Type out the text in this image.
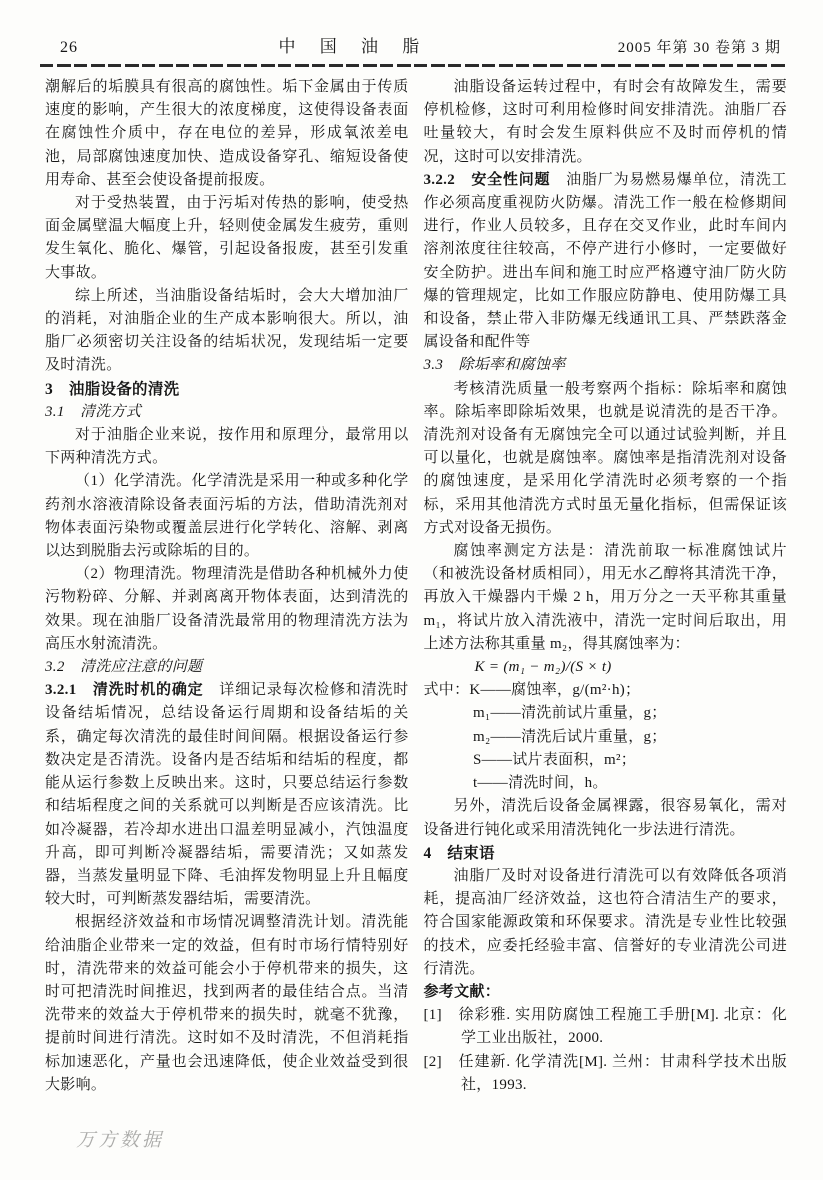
26	中 国 油 脂	2005 年第 30 卷第 3 期

潮解后的垢膜具有很高的腐蚀性。垢下金属由于传质速度的影响，产生很大的浓度梯度，这使得设备表面在腐蚀性介质中，存在电位的差异，形成氧浓差电池，局部腐蚀速度加快、造成设备穿孔、缩短设备使用寿命、甚至会使设备提前报废。

对于受热装置，由于污垢对传热的影响，使受热面金属壁温大幅度上升，轻则使金属发生疲劳，重则发生氧化、脆化、爆管，引起设备报废，甚至引发重大事故。

综上所述，当油脂设备结垢时，会大大增加油厂的消耗，对油脂企业的生产成本影响很大。所以，油脂厂必须密切关注设备的结垢状况，发现结垢一定要及时清洗。

3　油脂设备的清洗

3.1　清洗方式

对于油脂企业来说，按作用和原理分，最常用以下两种清洗方式。

（1）化学清洗。化学清洗是采用一种或多种化学药剂水溶液清除设备表面污垢的方法，借助清洗剂对物体表面污染物或覆盖层进行化学转化、溶解、剥离以达到脱脂去污或除垢的目的。

（2）物理清洗。物理清洗是借助各种机械外力使污物粉碎、分解、并剥离离开物体表面，达到清洗的效果。现在油脂厂设备清洗最常用的物理清洗方法为高压水射流清洗。

3.2　清洗应注意的问题

3.2.1　清洗时机的确定　详细记录每次检修和清洗时设备结垢情况，总结设备运行周期和设备结垢的关系，确定每次清洗的最佳时间间隔。根据设备运行参数决定是否清洗。设备内是否结垢和结垢的程度，都能从运行参数上反映出来。这时，只要总结运行参数和结垢程度之间的关系就可以判断是否应该清洗。比如冷凝器，若冷却水进出口温差明显减小，汽蚀温度升高，即可判断冷凝器结垢，需要清洗；又如蒸发器，当蒸发量明显下降、毛油挥发物明显上升且幅度较大时，可判断蒸发器结垢，需要清洗。

根据经济效益和市场情况调整清洗计划。清洗能给油脂企业带来一定的效益，但有时市场行情特别好时，清洗带来的效益可能会小于停机带来的损失，这时可把清洗时间推迟，找到两者的最佳结合点。当清洗带来的效益大于停机带来的损失时，就毫不犹豫，提前时间进行清洗。这时如不及时清洗，不但消耗指标加速恶化，产量也会迅速降低，使企业效益受到很大影响。

油脂设备运转过程中，有时会有故障发生，需要停机检修，这时可利用检修时间安排清洗。油脂厂吞吐量较大，有时会发生原料供应不及时而停机的情况，这时可以安排清洗。

3.2.2　安全性问题　油脂厂为易燃易爆单位，清洗工作必须高度重视防火防爆。清洗工作一般在检修期间进行，作业人员较多，且存在交叉作业，此时车间内溶剂浓度往往较高，不停产进行小修时，一定要做好安全防护。进出车间和施工时应严格遵守油厂防火防爆的管理规定，比如工作服应防静电、使用防爆工具和设备，禁止带入非防爆无线通讯工具、严禁跌落金属设备和配件等

3.3　除垢率和腐蚀率

考核清洗质量一般考察两个指标：除垢率和腐蚀率。除垢率即除垢效果，也就是说清洗的是否干净。清洗剂对设备有无腐蚀完全可以通过试验判断，并且可以量化，也就是腐蚀率。腐蚀率是指清洗剂对设备的腐蚀速度，是采用化学清洗时必须考察的一个指标，采用其他清洗方式时虽无量化指标，但需保证该方式对设备无损伤。

腐蚀率测定方法是：清洗前取一标准腐蚀试片（和被洗设备材质相同），用无水乙醇将其清洗干净，再放入干燥器内干燥 2 h，用万分之一天平称其重量 m₁，将试片放入清洗液中，清洗一定时间后取出，用上述方法称其重量 m₂，得其腐蚀率为：

K = (m₁ − m₂)/(S × t)

式中：K——腐蚀率，g/(m²·h)；

m₁——清洗前试片重量，g；

m₂——清洗后试片重量，g；

S——试片表面积，m²；

t——清洗时间，h。

另外，清洗后设备金属裸露，很容易氧化，需对设备进行钝化或采用清洗钝化一步法进行清洗。

4　结束语

油脂厂及时对设备进行清洗可以有效降低各项消耗，提高油厂经济效益，这也符合清洁生产的要求，符合国家能源政策和环保要求。清洗是专业性比较强的技术，应委托经验丰富、信誉好的专业清洗公司进行清洗。

参考文献：

[1]　徐彩雅. 实用防腐蚀工程施工手册[M]. 北京：化学工业出版社，2000.

[2]　任建新. 化学清洗[M]. 兰州：甘肃科学技术出版社，1993.

万方数据
